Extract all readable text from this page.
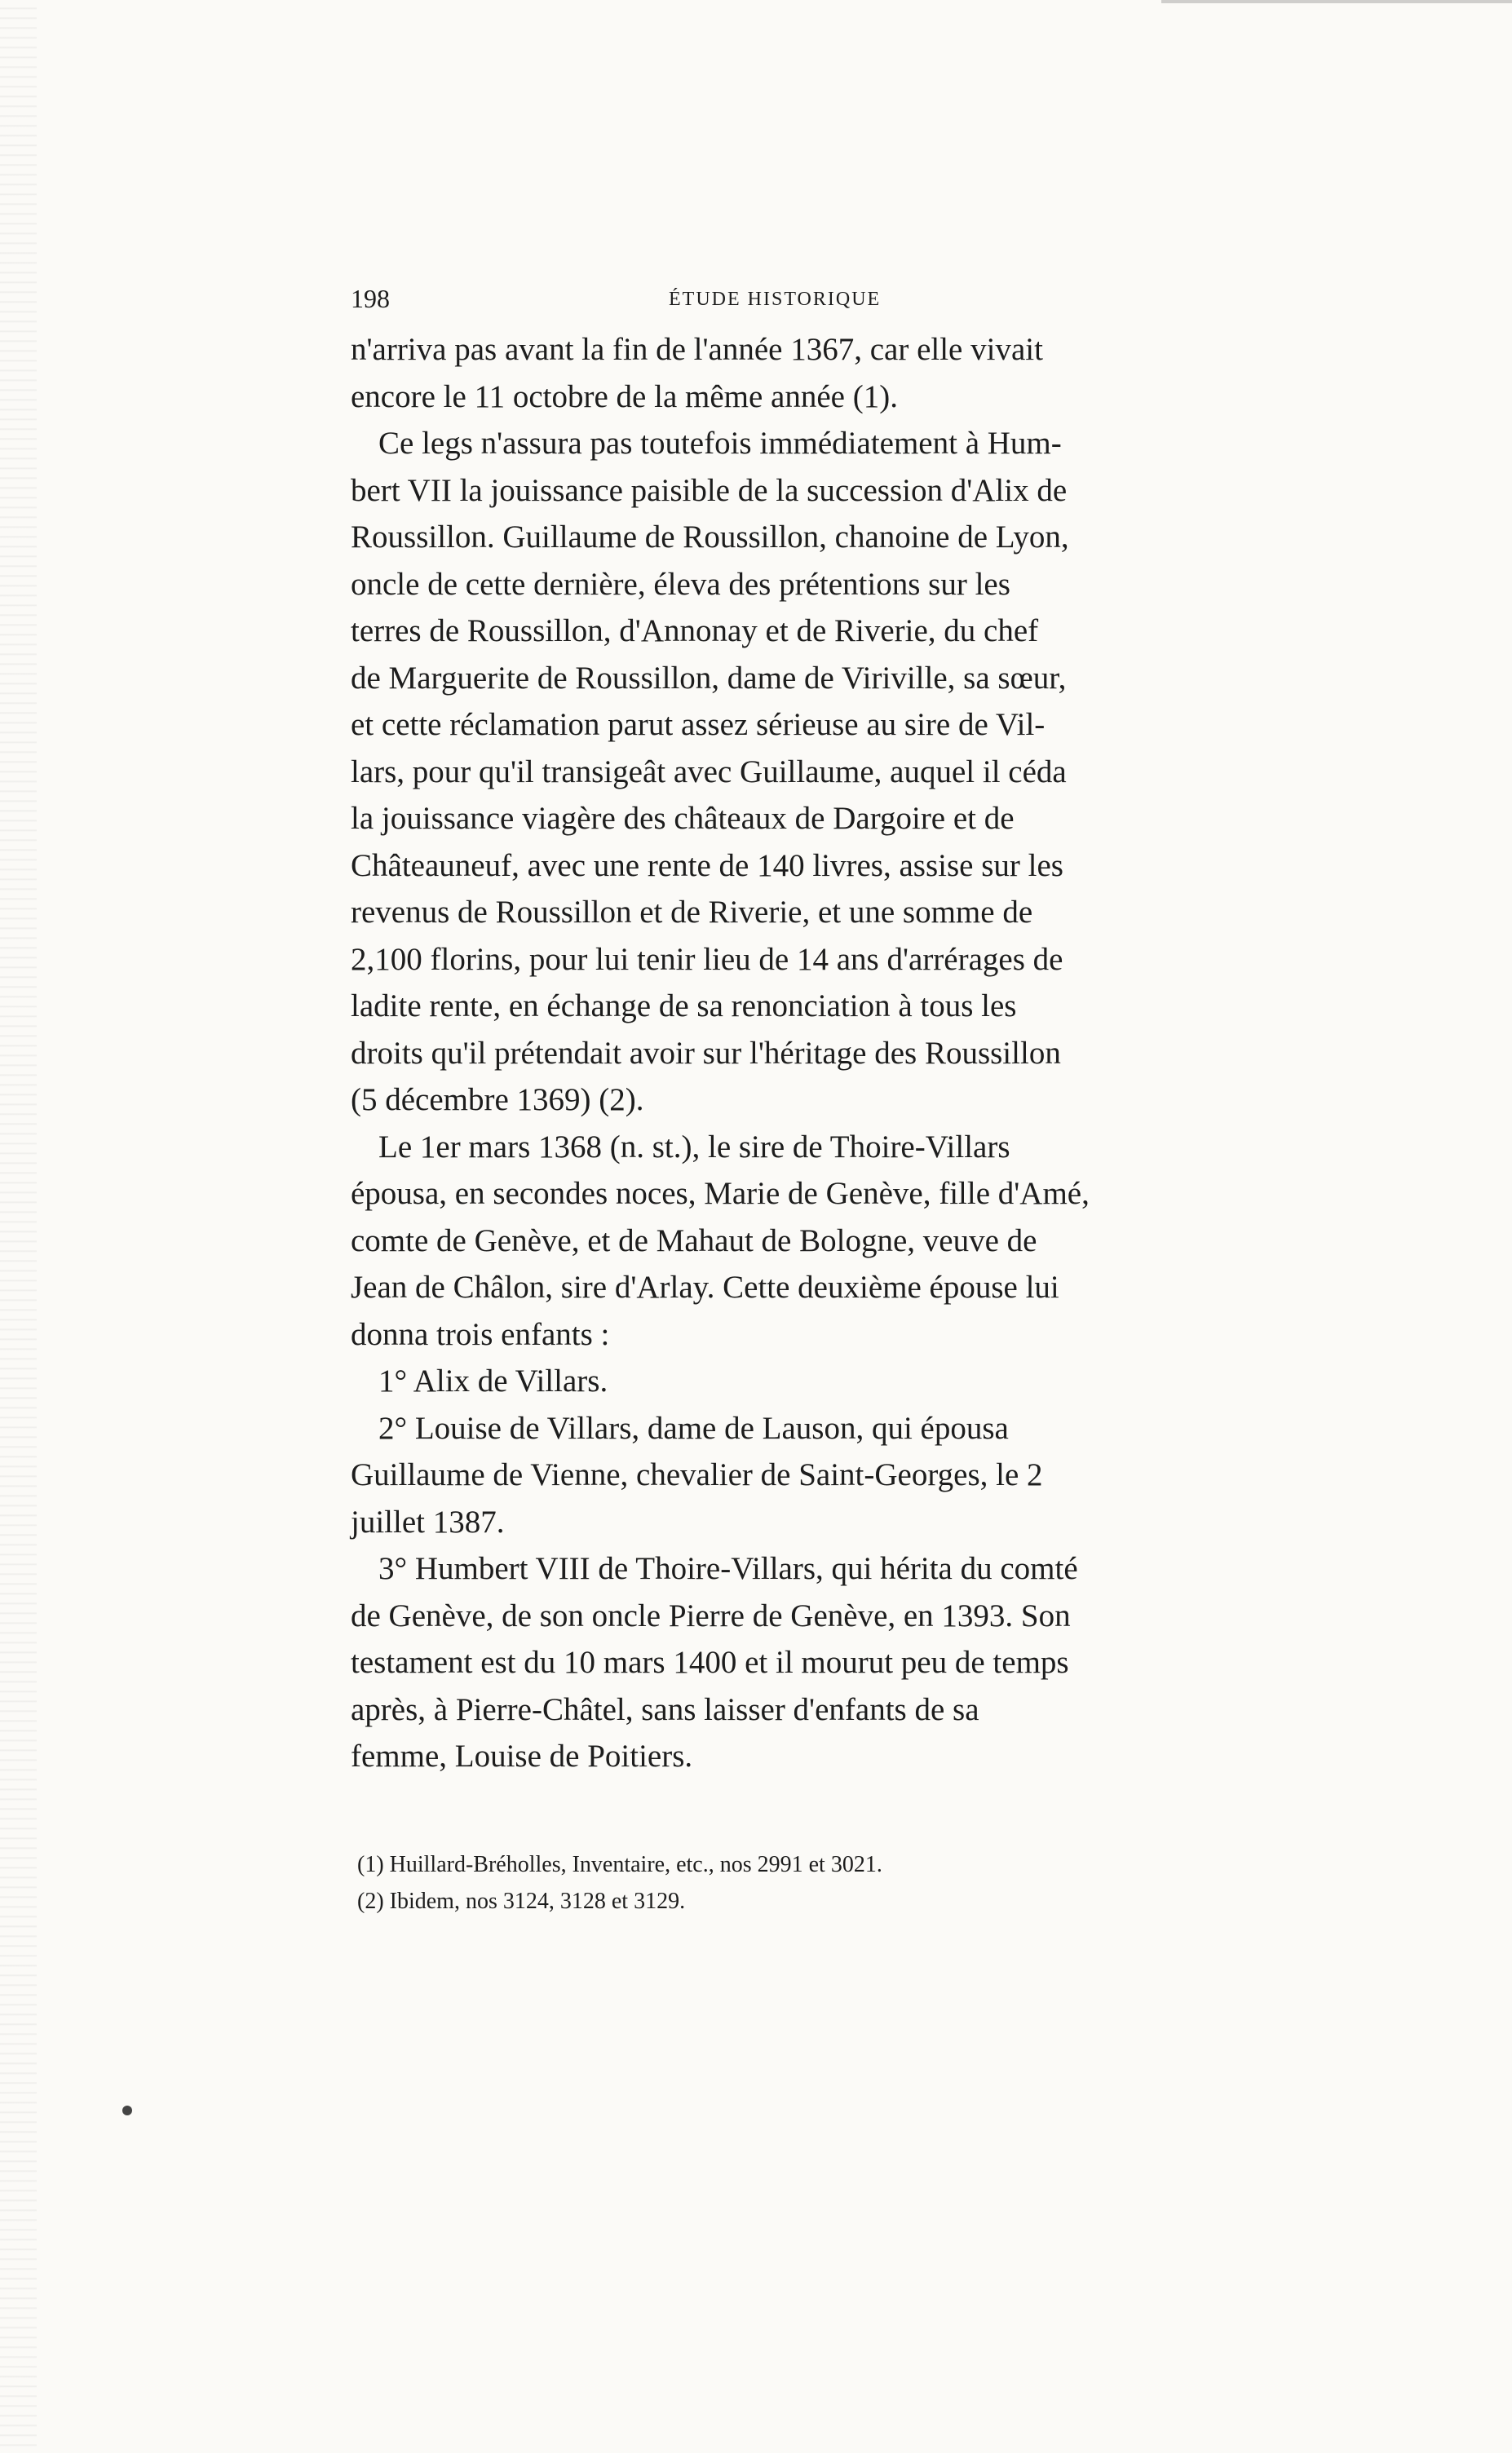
198	ÉTUDE HISTORIQUE

n'arriva pas avant la fin de l'année 1367, car elle vivait
encore le 11 octobre de la même année (1).

Ce legs n'assura pas toutefois immédiatement à Hum-
bert VII la jouissance paisible de la succession d'Alix de
Roussillon. Guillaume de Roussillon, chanoine de Lyon,
oncle de cette dernière, éleva des prétentions sur les
terres de Roussillon, d'Annonay et de Riverie, du chef
de Marguerite de Roussillon, dame de Viriville, sa sœur,
et cette réclamation parut assez sérieuse au sire de Vil-
lars, pour qu'il transigeât avec Guillaume, auquel il céda
la jouissance viagère des châteaux de Dargoire et de
Châteauneuf, avec une rente de 140 livres, assise sur les
revenus de Roussillon et de Riverie, et une somme de
2,100 florins, pour lui tenir lieu de 14 ans d'arrérages de
ladite rente, en échange de sa renonciation à tous les
droits qu'il prétendait avoir sur l'héritage des Roussillon
(5 décembre 1369) (2).

Le 1er mars 1368 (n. st.), le sire de Thoire-Villars
épousa, en secondes noces, Marie de Genève, fille d'Amé,
comte de Genève, et de Mahaut de Bologne, veuve de
Jean de Châlon, sire d'Arlay. Cette deuxième épouse lui
donna trois enfants :

1° Alix de Villars.

2° Louise de Villars, dame de Lauson, qui épousa
Guillaume de Vienne, chevalier de Saint-Georges, le 2
juillet 1387.

3° Humbert VIII de Thoire-Villars, qui hérita du comté
de Genève, de son oncle Pierre de Genève, en 1393. Son
testament est du 10 mars 1400 et il mourut peu de temps
après, à Pierre-Châtel, sans laisser d'enfants de sa
femme, Louise de Poitiers.

(1) Huillard-Bréholles, Inventaire, etc., nos 2991 et 3021.

(2) Ibidem, nos 3124, 3128 et 3129.
